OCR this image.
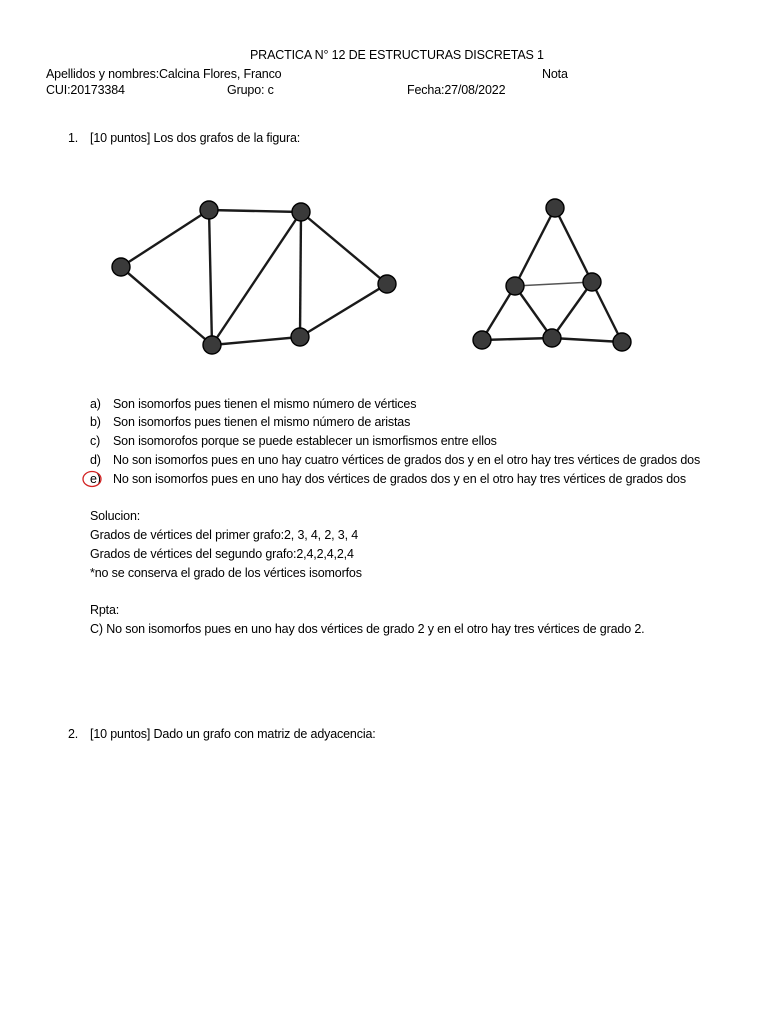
PRACTICA N° 12 DE ESTRUCTURAS DISCRETAS 1
Apellidos y nombres:Calcina Flores, Franco	Nota
CUI:20173384	Grupo: c	Fecha:27/08/2022
1. [10 puntos] Los dos grafos de la figura:
a) Son isomorfos pues tienen el mismo número de vértices
b) Son isomorfos pues tienen el mismo número de aristas
c) Son isomorofos porque se puede establecer un ismorfismos entre ellos
d) No son isomorfos pues en uno hay cuatro vértices de grados dos y en el otro hay tres vértices de grados dos
e) No son isomorfos pues en uno hay dos vértices de grados dos y en el otro hay tres vértices de grados dos
Solucion:
Grados de vértices del primer grafo:2, 3, 4, 2, 3, 4
Grados de vértices del segundo grafo:2,4,2,4,2,4
*no se conserva el grado de los vértices isomorfos
Rpta:
C) No son isomorfos pues en uno hay dos vértices de grado 2 y en el otro hay tres vértices de grado 2.
2. [10 puntos] Dado un grafo con matriz de adyacencia:
